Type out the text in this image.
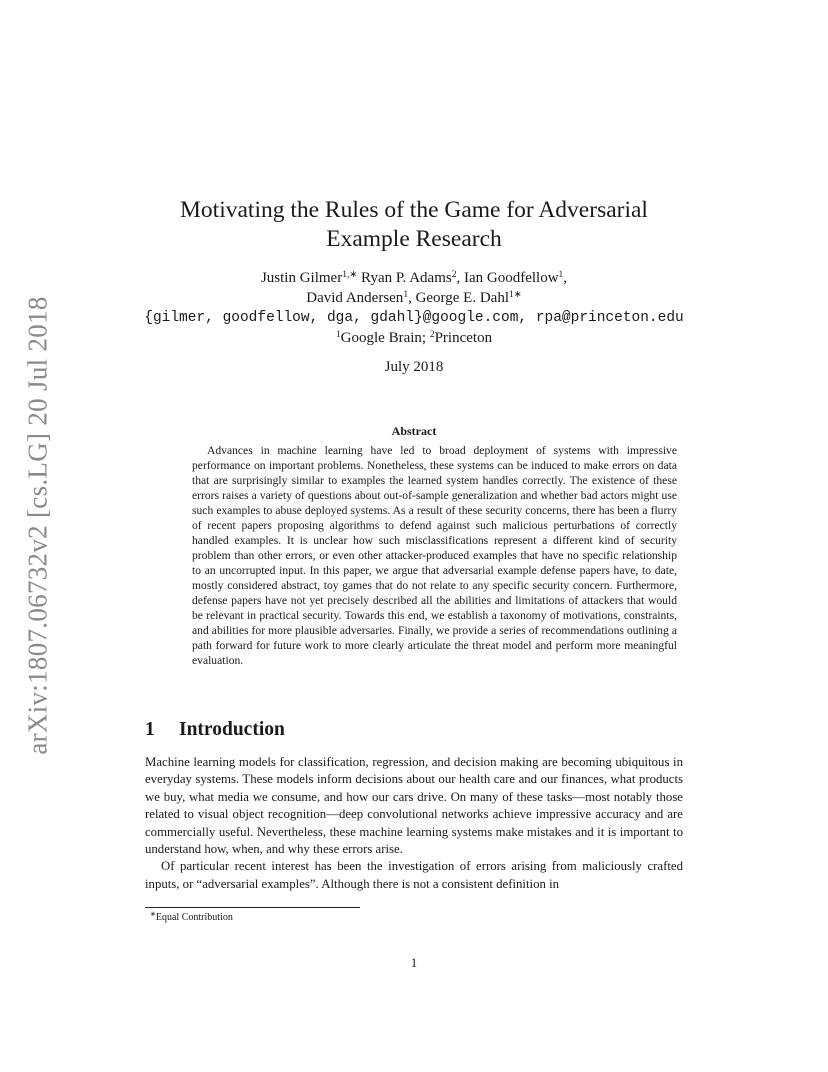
arXiv:1807.06732v2 [cs.LG] 20 Jul 2018
Motivating the Rules of the Game for Adversarial
Example Research
Justin Gilmer$^{1,∗}$ Ryan P. Adams$^2$, Ian Goodfellow$^1$,
David Andersen$^1$, George E. Dahl$^{1∗}$
{gilmer, goodfellow, dga, gdahl}@google.com, rpa@princeton.edu
$^1$Google Brain; $^2$Princeton
July 2018
Abstract

Advances in machine learning have led to broad deployment of systems with impressive performance on important problems. Nonetheless, these systems can be induced to make errors on data that are surprisingly similar to examples the learned system handles correctly. The existence of these errors raises a variety of questions about out-of-sample generalization and whether bad actors might use such examples to abuse deployed systems. As a result of these security concerns, there has been a flurry of recent papers proposing algorithms to defend against such malicious perturbations of correctly handled examples. It is unclear how such misclassifications represent a different kind of security problem than other errors, or even other attacker-produced examples that have no specific relationship to an uncorrupted input. In this paper, we argue that adversarial example defense papers have, to date, mostly considered abstract, toy games that do not relate to any specific security concern. Furthermore, defense papers have not yet precisely described all the abilities and limitations of attackers that would be relevant in practical security. Towards this end, we establish a taxonomy of motivations, constraints, and abilities for more plausible adversaries. Finally, we provide a series of recommendations outlining a path forward for future work to more clearly articulate the threat model and perform more meaningful evaluation.

1 Introduction

Machine learning models for classification, regression, and decision making are becoming ubiquitous in everyday systems. These models inform decisions about our health care and our finances, what products we buy, what media we consume, and how our cars drive. On many of these tasks—most notably those related to visual object recognition—deep convolutional networks achieve impressive accuracy and are commercially useful. Nevertheless, these machine learning systems make mistakes and it is important to understand how, when, and why these errors arise.

Of particular recent interest has been the investigation of errors arising from maliciously crafted inputs, or “adversarial examples”. Although there is not a consistent definition in

∗Equal Contribution
1
